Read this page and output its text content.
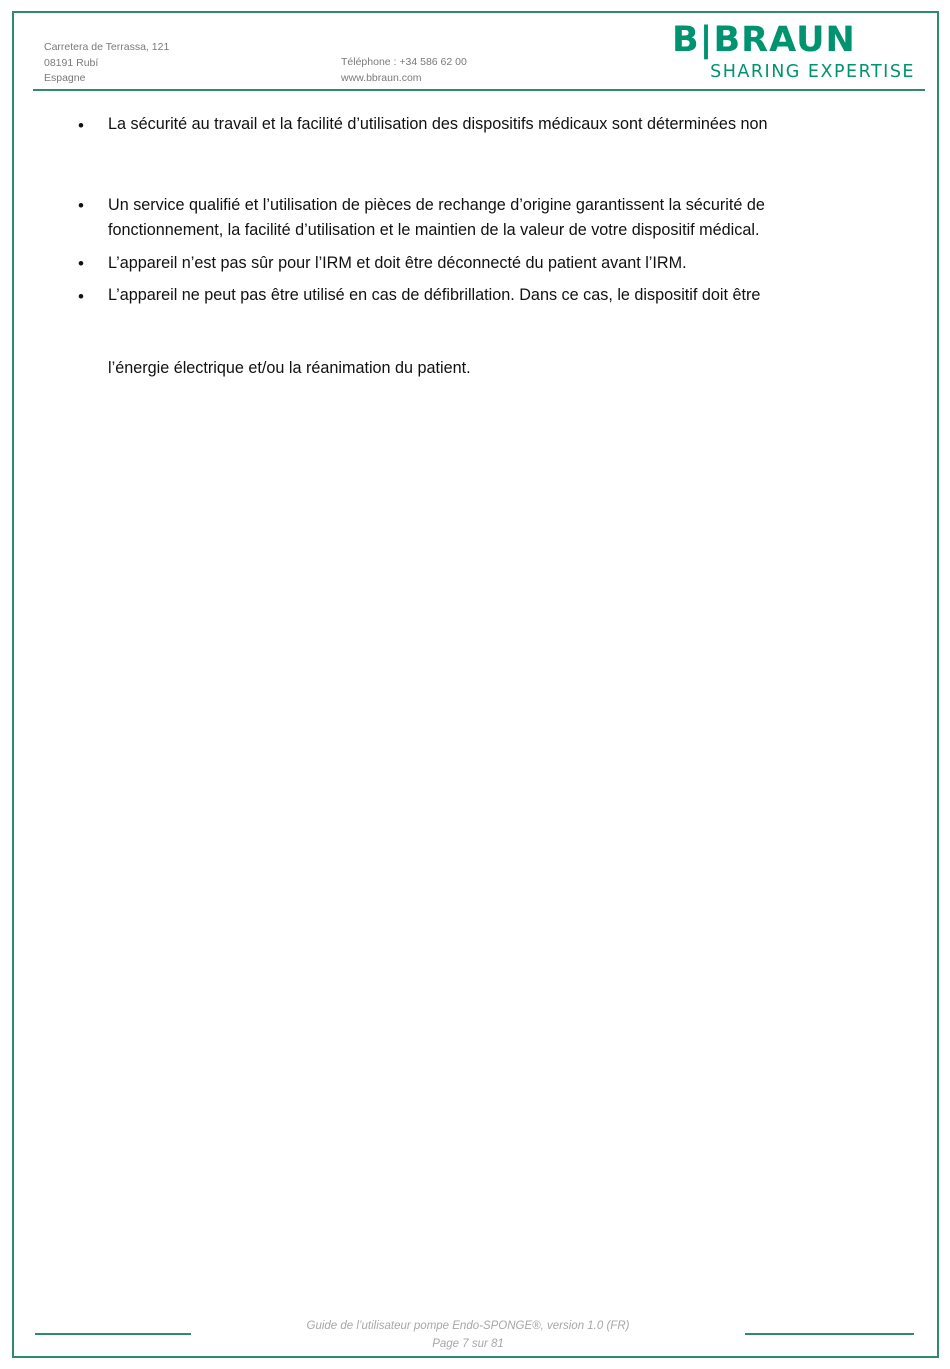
Carretera de Terrassa, 121
08191 Rubí
Espagne
Téléphone : +34 586 62 00
www.bbraun.com
B|BRAUN
SHARING EXPERTISE
• La sécurité au travail et la facilité d’utilisation des dispositifs médicaux sont déterminées non
• Un service qualifié et l’utilisation de pièces de rechange d’origine garantissent la sécurité de
fonctionnement, la facilité d’utilisation et le maintien de la valeur de votre dispositif médical.
• L’appareil n’est pas sûr pour l’IRM et doit être déconnecté du patient avant l’IRM.
• L’appareil ne peut pas être utilisé en cas de défibrillation. Dans ce cas, le dispositif doit être
l’énergie électrique et/ou la réanimation du patient.
Guide de l’utilisateur pompe Endo-SPONGE®, version 1.0 (FR)
Page 7 sur 81
